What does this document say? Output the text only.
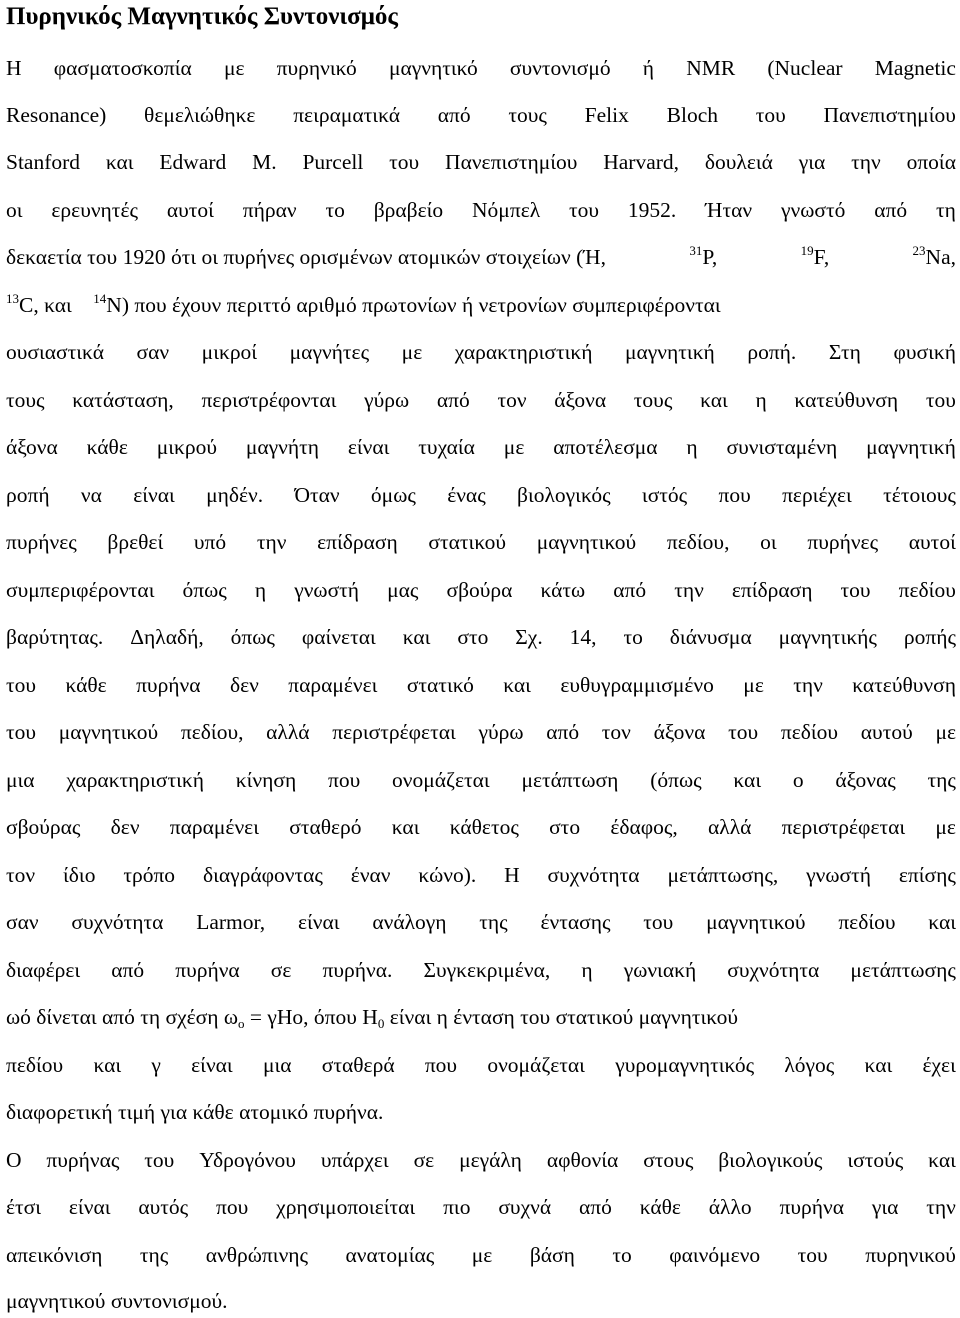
Πυρηνικός Μαγνητικός Συντονισμός
Η φασματοσκοπία με πυρηνικό μαγνητικό συντονισμό ή NMR (Nuclear Magnetic
Resonance) θεμελιώθηκε πειραματικά από τους Felix Bloch του Πανεπιστημίου
Stanford και Edward M. Purcell του Πανεπιστημίου Harvard, δουλειά για την οποία
οι ερευνητές αυτοί πήραν το βραβείο Νόμπελ του 1952. Ήταν γνωστό από τη
δεκαετία του 1920 ότι οι πυρήνες ορισμένων ατομικών στοιχείων (Ή,	$^{31}$P,	$^{19}$F,	$^{23}$Na,
$^{13}$C, και $^{14}$N) που έχουν περιττό αριθμό πρωτονίων ή νετρονίων συμπεριφέρονται
ουσιαστικά σαν μικροί μαγνήτες με χαρακτηριστική μαγνητική ροπή. Στη φυσική
τους κατάσταση, περιστρέφονται γύρω από τον άξονα τους και η κατεύθυνση του
άξονα κάθε μικρού μαγνήτη είναι τυχαία με αποτέλεσμα η συνισταμένη μαγνητική
ροπή να είναι μηδέν. Όταν όμως ένας βιολογικός ιστός που περιέχει τέτοιους
πυρήνες βρεθεί υπό την επίδραση στατικού μαγνητικού πεδίου, οι πυρήνες αυτοί
συμπεριφέρονται όπως η γνωστή μας σβούρα κάτω από την επίδραση του πεδίου
βαρύτητας. Δηλαδή, όπως φαίνεται και στο Σχ. 14, το διάνυσμα μαγνητικής ροπής
του κάθε πυρήνα δεν παραμένει στατικό και ευθυγραμμισμένο με την κατεύθυνση
του μαγνητικού πεδίου, αλλά περιστρέφεται γύρω από τον άξονα του πεδίου αυτού με
μια χαρακτηριστική κίνηση που ονομάζεται μετάπτωση (όπως και ο άξονας της
σβούρας δεν παραμένει σταθερό και κάθετος στο έδαφος, αλλά περιστρέφεται με
τον ίδιο τρόπο διαγράφοντας έναν κώνο). Η συχνότητα μετάπτωσης, γνωστή επίσης
σαν συχνότητα Larmor, είναι ανάλογη της έντασης του μαγνητικού πεδίου και
διαφέρει από πυρήνα σε πυρήνα. Συγκεκριμένα, η γωνιακή συχνότητα μετάπτωσης
ωό δίνεται από τη σχέση $\omega_o = \gamma Ho$, όπου $H_0$ είναι η ένταση του στατικού μαγνητικού
πεδίου και γ είναι μια σταθερά που ονομάζεται γυρομαγνητικός λόγος και έχει
διαφορετική τιμή για κάθε ατομικό πυρήνα.
Ο πυρήνας του Υδρογόνου υπάρχει σε μεγάλη αφθονία στους βιολογικούς ιστούς και
έτσι είναι αυτός που χρησιμοποιείται πιο συχνά από κάθε άλλο πυρήνα για την
απεικόνιση της ανθρώπινης ανατομίας με βάση το φαινόμενο του πυρηνικού
μαγνητικού συντονισμού.
